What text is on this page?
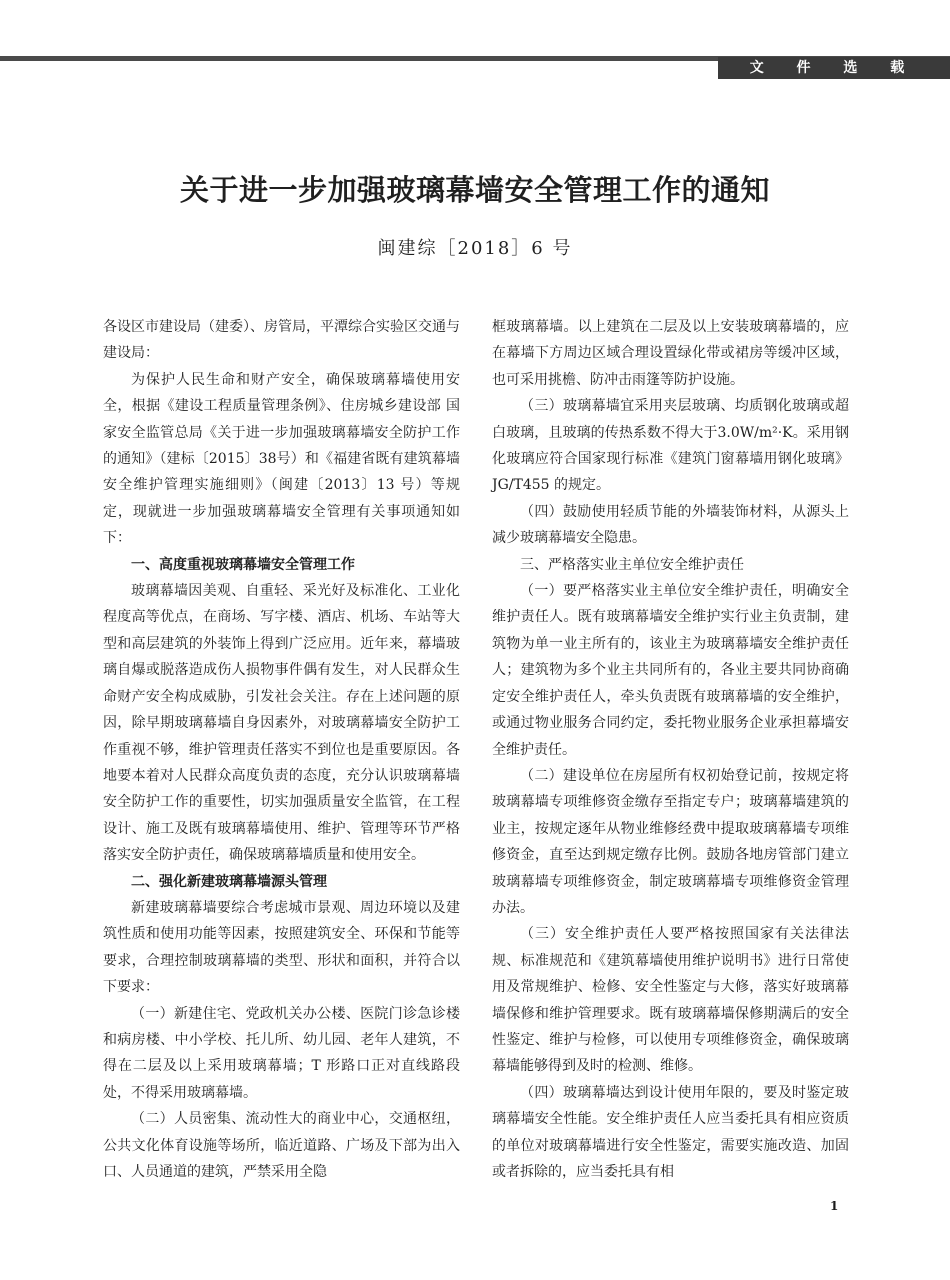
文 件 选 载
关于进一步加强玻璃幕墙安全管理工作的通知

闽建综［2018］6 号

各设区市建设局（建委）、房管局，平潭综合实验区交通与建设局：

为保护人民生命和财产安全，确保玻璃幕墙使用安全，根据《建设工程质量管理条例》、住房城乡建设部 国家安全监管总局《关于进一步加强玻璃幕墙安全防护工作的通知》（建标〔2015〕38号）和《福建省既有建筑幕墙安全维护管理实施细则》（闽建〔2013〕13 号）等规定，现就进一步加强玻璃幕墙安全管理有关事项通知如下：

一、高度重视玻璃幕墙安全管理工作

玻璃幕墙因美观、自重轻、采光好及标准化、工业化程度高等优点，在商场、写字楼、酒店、机场、车站等大型和高层建筑的外装饰上得到广泛应用。近年来，幕墙玻璃自爆或脱落造成伤人损物事件偶有发生，对人民群众生命财产安全构成威胁，引发社会关注。存在上述问题的原因，除早期玻璃幕墙自身因素外，对玻璃幕墙安全防护工作重视不够，维护管理责任落实不到位也是重要原因。各地要本着对人民群众高度负责的态度，充分认识玻璃幕墙安全防护工作的重要性，切实加强质量安全监管，在工程设计、施工及既有玻璃幕墙使用、维护、管理等环节严格落实安全防护责任，确保玻璃幕墙质量和使用安全。

二、强化新建玻璃幕墙源头管理

新建玻璃幕墙要综合考虑城市景观、周边环境以及建筑性质和使用功能等因素，按照建筑安全、环保和节能等要求，合理控制玻璃幕墙的类型、形状和面积，并符合以下要求：

（一）新建住宅、党政机关办公楼、医院门诊急诊楼和病房楼、中小学校、托儿所、幼儿园、老年人建筑，不得在二层及以上采用玻璃幕墙；T 形路口正对直线路段处，不得采用玻璃幕墙。

（二）人员密集、流动性大的商业中心，交通枢纽，公共文化体育设施等场所，临近道路、广场及下部为出入口、人员通道的建筑，严禁采用全隐

框玻璃幕墙。以上建筑在二层及以上安装玻璃幕墙的，应在幕墙下方周边区域合理设置绿化带或裙房等缓冲区域，也可采用挑檐、防冲击雨篷等防护设施。

（三）玻璃幕墙宜采用夹层玻璃、均质钢化玻璃或超白玻璃，且玻璃的传热系数不得大于3.0W/m²·K。采用钢化玻璃应符合国家现行标准《建筑门窗幕墙用钢化玻璃》JG/T455 的规定。

（四）鼓励使用轻质节能的外墙装饰材料，从源头上减少玻璃幕墙安全隐患。

三、严格落实业主单位安全维护责任

（一）要严格落实业主单位安全维护责任，明确安全维护责任人。既有玻璃幕墙安全维护实行业主负责制，建筑物为单一业主所有的，该业主为玻璃幕墙安全维护责任人；建筑物为多个业主共同所有的，各业主要共同协商确定安全维护责任人，牵头负责既有玻璃幕墙的安全维护，或通过物业服务合同约定，委托物业服务企业承担幕墙安全维护责任。

（二）建设单位在房屋所有权初始登记前，按规定将玻璃幕墙专项维修资金缴存至指定专户；玻璃幕墙建筑的业主，按规定逐年从物业维修经费中提取玻璃幕墙专项维修资金，直至达到规定缴存比例。鼓励各地房管部门建立玻璃幕墙专项维修资金，制定玻璃幕墙专项维修资金管理办法。

（三）安全维护责任人要严格按照国家有关法律法规、标准规范和《建筑幕墙使用维护说明书》进行日常使用及常规维护、检修、安全性鉴定与大修，落实好玻璃幕墙保修和维护管理要求。既有玻璃幕墙保修期满后的安全性鉴定、维护与检修，可以使用专项维修资金，确保玻璃幕墙能够得到及时的检测、维修。

（四）玻璃幕墙达到设计使用年限的，要及时鉴定玻璃幕墙安全性能。安全维护责任人应当委托具有相应资质的单位对玻璃幕墙进行安全性鉴定，需要实施改造、加固或者拆除的，应当委托具有相

1
